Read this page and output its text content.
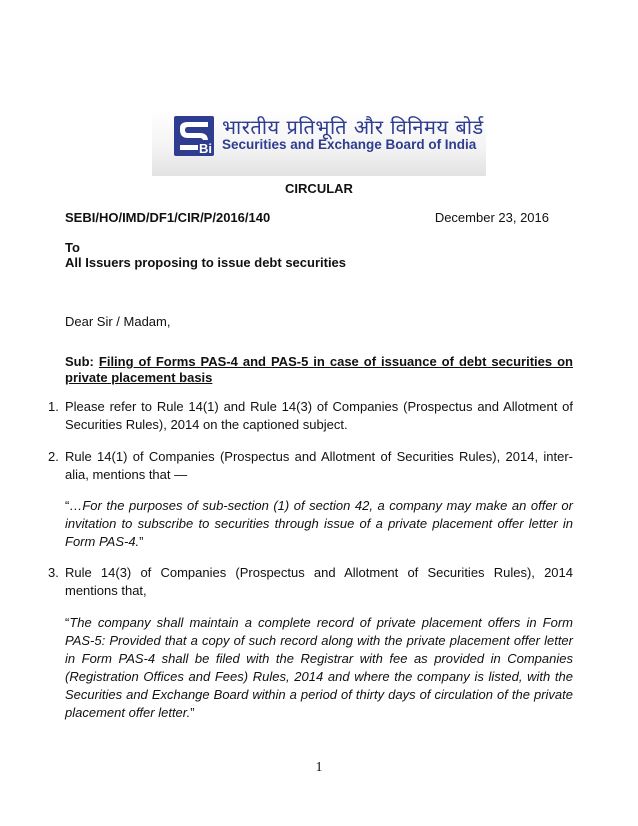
Bi
भारतीय प्रतिभूति और विनिमय बोर्ड
Securities and Exchange Board of India
CIRCULAR
SEBI/HO/IMD/DF1/CIR/P/2016/140	December 23, 2016
To
All Issuers proposing to issue debt securities
Dear Sir / Madam,
Sub: Filing of Forms PAS-4 and PAS-5 in case of issuance of debt securities on private placement basis
1. Please refer to Rule 14(1) and Rule 14(3) of Companies (Prospectus and Allotment of Securities Rules), 2014 on the captioned subject.
2. Rule 14(1) of Companies (Prospectus and Allotment of Securities Rules), 2014, inter-alia, mentions that —
“…For the purposes of sub-section (1) of section 42, a company may make an offer or invitation to subscribe to securities through issue of a private placement offer letter in Form PAS-4.”
3. Rule 14(3) of Companies (Prospectus and Allotment of Securities Rules), 2014 mentions that,
“The company shall maintain a complete record of private placement offers in Form PAS-5: Provided that a copy of such record along with the private placement offer letter in Form PAS-4 shall be filed with the Registrar with fee as provided in Companies (Registration Offices and Fees) Rules, 2014 and where the company is listed, with the Securities and Exchange Board within a period of thirty days of circulation of the private placement offer letter.”
1
